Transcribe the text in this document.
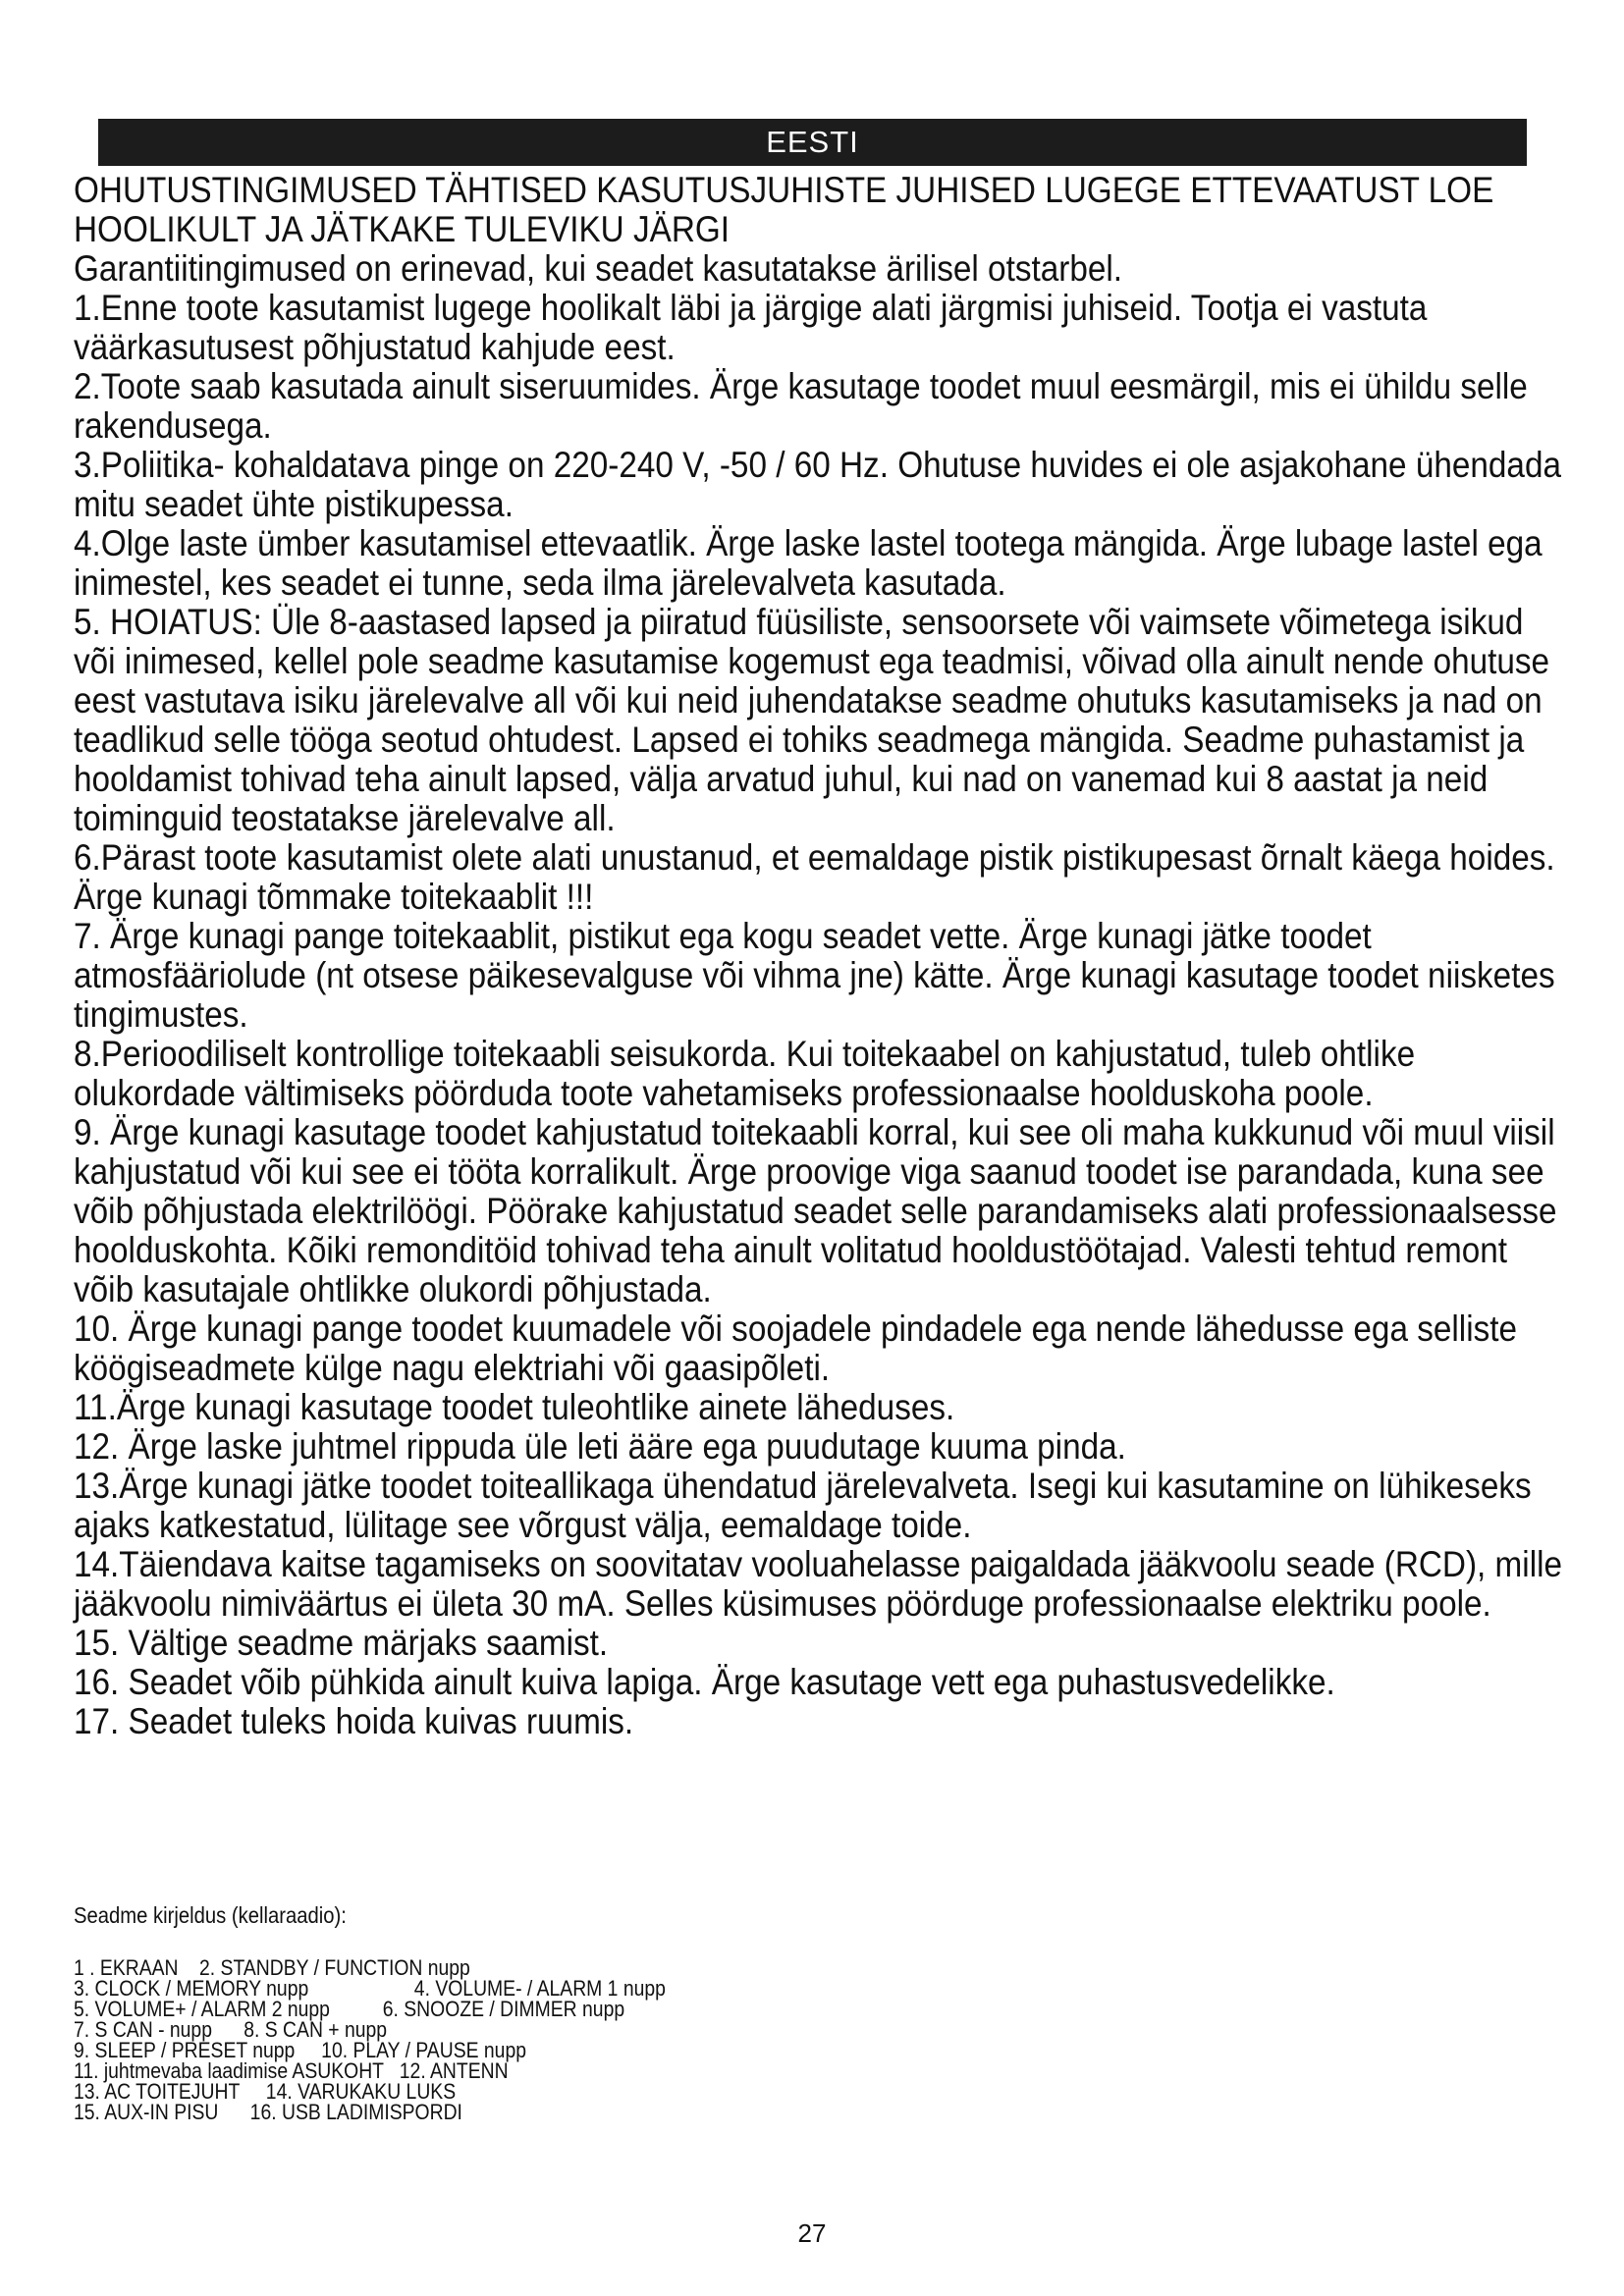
EESTI
OHUTUSTINGIMUSED TÄHTISED KASUTUSJUHISTE JUHISED LUGEGE ETTEVAATUST LOE HOOLIKULT JA JÄTKAKE TULEVIKU JÄRGI

Garantiitingimused on erinevad, kui seadet kasutatakse ärilisel otstarbel.

1.Enne toote kasutamist lugege hoolikalt läbi ja järgige alati järgmisi juhiseid. Tootja ei vastuta väärkasutusest põhjustatud kahjude eest.
2.Toote saab kasutada ainult siseruumides. Ärge kasutage toodet muul eesmärgil, mis ei ühildu selle rakendusega.
3.Poliitika- kohaldatava pinge on 220-240 V, -50 / 60 Hz. Ohutuse huvides ei ole asjakohane ühendada mitu seadet ühte pistikupessa.
4.Olge laste ümber kasutamisel ettevaatlik. Ärge laske lastel tootega mängida. Ärge lubage lastel ega inimestel, kes seadet ei tunne, seda ilma järelevalveta kasutada.
5. HOIATUS: Üle 8-aastased lapsed ja piiratud füüsiliste, sensoorsete või vaimsete võimetega isikud või inimesed, kellel pole seadme kasutamise kogemust ega teadmisi, võivad olla ainult nende ohutuse eest vastutava isiku järelevalve all või kui neid juhendatakse seadme ohutuks kasutamiseks ja nad on teadlikud selle tööga seotud ohtudest. Lapsed ei tohiks seadmega mängida. Seadme puhastamist ja hooldamist tohivad teha ainult lapsed, välja arvatud juhul, kui nad on vanemad kui 8 aastat ja neid toiminguid teostatakse järelevalve all.
6.Pärast toote kasutamist olete alati unustanud, et eemaldage pistik pistikupesast õrnalt käega hoides. Ärge kunagi tõmmake toitekaablit !!!
7. Ärge kunagi pange toitekaablit, pistikut ega kogu seadet vette. Ärge kunagi jätke toodet atmosfääriolude (nt otsese päikesevalguse või vihma jne) kätte. Ärge kunagi kasutage toodet niisketes tingimustes.
8.Perioodiliselt kontrollige toitekaabli seisukorda. Kui toitekaabel on kahjustatud, tuleb ohtlike olukordade vältimiseks pöörduda toote vahetamiseks professionaalse hoolduskoha poole.
9. Ärge kunagi kasutage toodet kahjustatud toitekaabli korral, kui see oli maha kukkunud või muul viisil kahjustatud või kui see ei tööta korralikult. Ärge proovige viga saanud toodet ise parandada, kuna see võib põhjustada elektrilöögi. Pöörake kahjustatud seadet selle parandamiseks alati professionaalsesse hoolduskohta. Kõiki remonditöid tohivad teha ainult volitatud hooldustöötajad. Valesti tehtud remont võib kasutajale ohtlikke olukordi põhjustada.
10. Ärge kunagi pange toodet kuumadele või soojadele pindadele ega nende lähedusse ega selliste köögiseadmete külge nagu elektriahi või gaasipõleti.
11.Ärge kunagi kasutage toodet tuleohtlike ainete läheduses.
12. Ärge laske juhtmel rippuda üle leti ääre ega puudutage kuuma pinda.
13.Ärge kunagi jätke toodet toiteallikaga ühendatud järelevalveta. Isegi kui kasutamine on lühikeseks ajaks katkestatud, lülitage see võrgust välja, eemaldage toide.
14.Täiendava kaitse tagamiseks on soovitatav vooluahelasse paigaldada jääkvoolu seade (RCD), mille jääkvoolu nimiväärtus ei ületa 30 mA. Selles küsimuses pöörduge professionaalse elektriku poole.
15. Vältige seadme märjaks saamist.
16. Seadet võib pühkida ainult kuiva lapiga. Ärge kasutage vett ega puhastusvedelikke.
17. Seadet tuleks hoida kuivas ruumis.

Seadme kirjeldus (kellaraadio):

1 . EKRAAN    2. STANDBY / FUNCTION nupp
3. CLOCK / MEMORY nupp                    4. VOLUME- / ALARM 1 nupp
5. VOLUME+ / ALARM 2 nupp          6. SNOOZE / DIMMER nupp
7. S CAN - nupp      8. S CAN + nupp
9. SLEEP / PRESET nupp     10. PLAY / PAUSE nupp
11. juhtmevaba laadimise ASUKOHT   12. ANTENN
13. AC TOITEJUHT     14. VARUKAKU LUKS
15. AUX-IN PISU      16. USB LADIMISPORDI
27
